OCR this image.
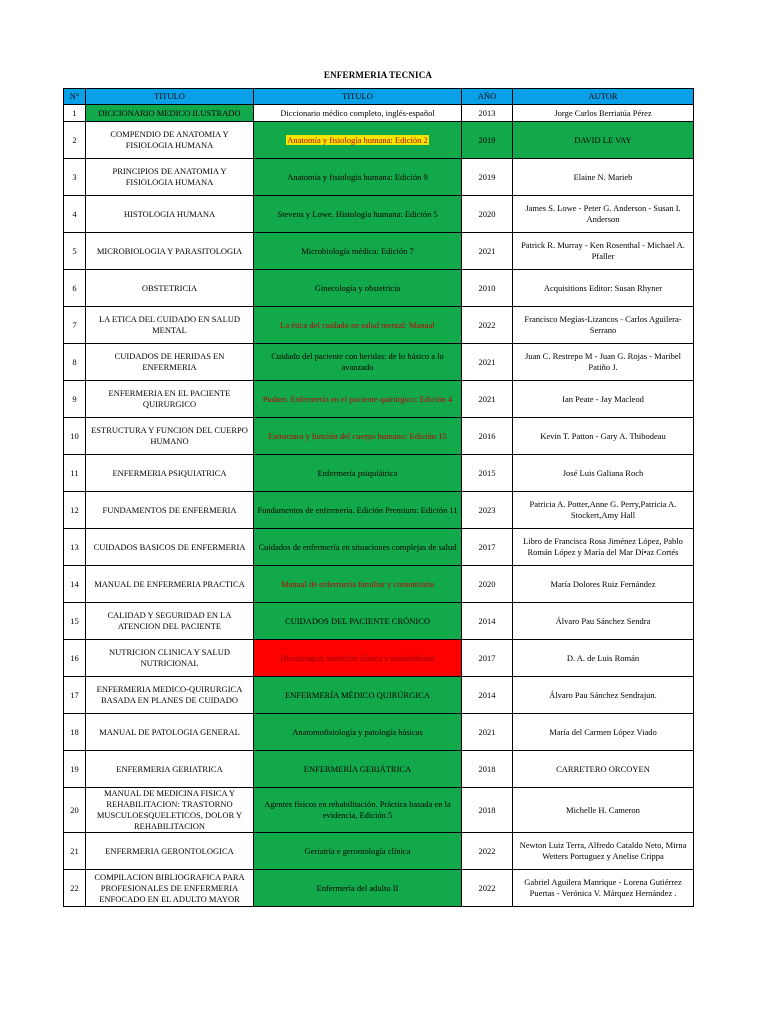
ENFERMERIA TECNICA
N°	TITULO	TITULO	AÑO	AUTOR
1	DICCIONARIO MEDICO ILUSTRADO	Diccionario médico completo, inglés-español	2013	Jorge Carlos Berriatúa Pérez
2	COMPENDIO DE ANATOMIA Y FISIOLOGIA HUMANA	Anatomía y fisiología humana: Edición 2	2019	DAVID LE VAY
3	PRINCIPIOS DE ANATOMIA Y FISIOLOGIA HUMANA	Anatomía y fisiología humana: Edición 9	2019	Elaine N. Marieb
4	HISTOLOGIA HUMANA	Stevens y Lowe. Histología humana: Edición 5	2020	James S. Lowe - Peter G. Anderson - Susan I. Anderson
5	MICROBIOLOGIA Y PARASITOLOGIA	Microbiología médica: Edición 7	2021	Patrick R. Murray - Ken Rosenthal - Michael A. Pfaller
6	OBSTETRICIA	Ginecología y obstetricia	2010	Acquisitions Editor: Susan Rhyner
7	LA ETICA DEL CUIDADO EN SALUD MENTAL	La ética del cuidado en salud mental: Manual	2022	Francisco Megías-Lizancos - Carlos Aguilera-Serrano
8	CUIDADOS DE HERIDAS EN ENFERMERIA	Cuidado del paciente con heridas: de lo básico a lo avanzado	2021	Juan C. Restrepo M - Juan G. Rojas - Maribel Patiño J.
9	ENFERMERIA EN EL PACIENTE QUIRURGICO	Pudner. Enfermería en el paciente quirúrgico: Edición 4	2021	Ian Peate - Jay Macleod
10	ESTRUCTURA Y FUNCION DEL CUERPO HUMANO	Estructura y función del cuerpo humano: Edición 15	2016	Kevin T. Patton - Gary A. Thibodeau
11	ENFERMERIA PSIQUIATRICA	Enfermería psiquiátrica	2015	José Luis Galiana Roch
12	FUNDAMENTOS DE ENFERMERIA	Fundamentos de enfermería. Edición Premium: Edición 11	2023	Patricia A. Potter,Anne G. Perry,Patricia A. Stockert,Amy Hall
13	CUIDADOS BASICOS DE ENFERMERIA	Cuidados de enfermería en situaciones complejas de salud	2017	Libro de Francisca Rosa Jiménez López, Pablo Román López y María del Mar Dí•az Cortés
14	MANUAL DE ENFERMERIA PRACTICA	Manual de enfermería familiar y comunitaria	2020	María Dolores Ruiz Fernández
15	CALIDAD Y SEGURIDAD EN LA ATENCION DEL PACIENTE	CUIDADOS DEL PACIENTE CRÓNICO	2014	Álvaro Pau Sánchez Sendra
16	NUTRICION CLINICA Y SALUD NUTRICIONAL	Dietoterapia, nutrición clínica y metabolismo	2017	D. A. de Luis Román
17	ENFERMERIA MEDICO-QUIRURGICA BASADA EN PLANES DE CUIDADO	ENFERMERÍA MÉDICO QUIRÚRGICA	2014	Álvaro Pau Sánchez Sendrajun.
18	MANUAL DE PATOLOGIA GENERAL	Anatomofisiología y patología básicas	2021	María del Carmen López Viado
19	ENFERMERIA GERIATRICA	ENFERMERÍA GERIÁTRICA	2018	CARRETERO ORCOYEN
20	MANUAL DE MEDICINA FISICA Y REHABILITACION: TRASTORNO MUSCULOESQUELETICOS, DOLOR Y REHABILITACION	Agentes físicos en rehabilitación. Práctica basada en la evidencia, Edición 5	2018	Michelle H. Cameron
21	ENFERMERIA GERONTOLOGICA	Geriatría e gerontología clínica	2022	Newton Luiz Terra, Alfredo Cataldo Neto, Mirna Wetters Portuguez y Anelise Crippa
22	COMPILACION BIBLIOGRAFICA PARA PROFESIONALES DE ENFERMERIA ENFOCADO EN EL ADULTO MAYOR	Enfermería del adulto II	2022	Gabriel Aguilera Manrique - Lorena Gutiérrez Puertas - Verónica V. Márquez Hernández .
